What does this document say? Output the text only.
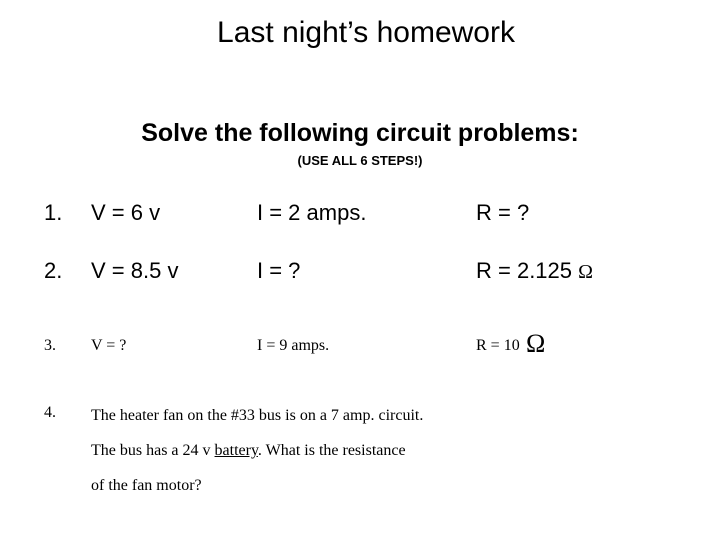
Last night’s homework
Solve the following circuit problems:

(USE ALL 6 STEPS!)

1. V = 6 v	I = 2 amps.	R = ?
2. V = 8.5 v	I = ?	R = 2.125 Ω
3. V = ?	I = 9 amps.	R = 10 Ω
4. The heater fan on the #33 bus is on a 7 amp. circuit.
The bus has a 24 v battery. What is the resistance
of the fan motor?
